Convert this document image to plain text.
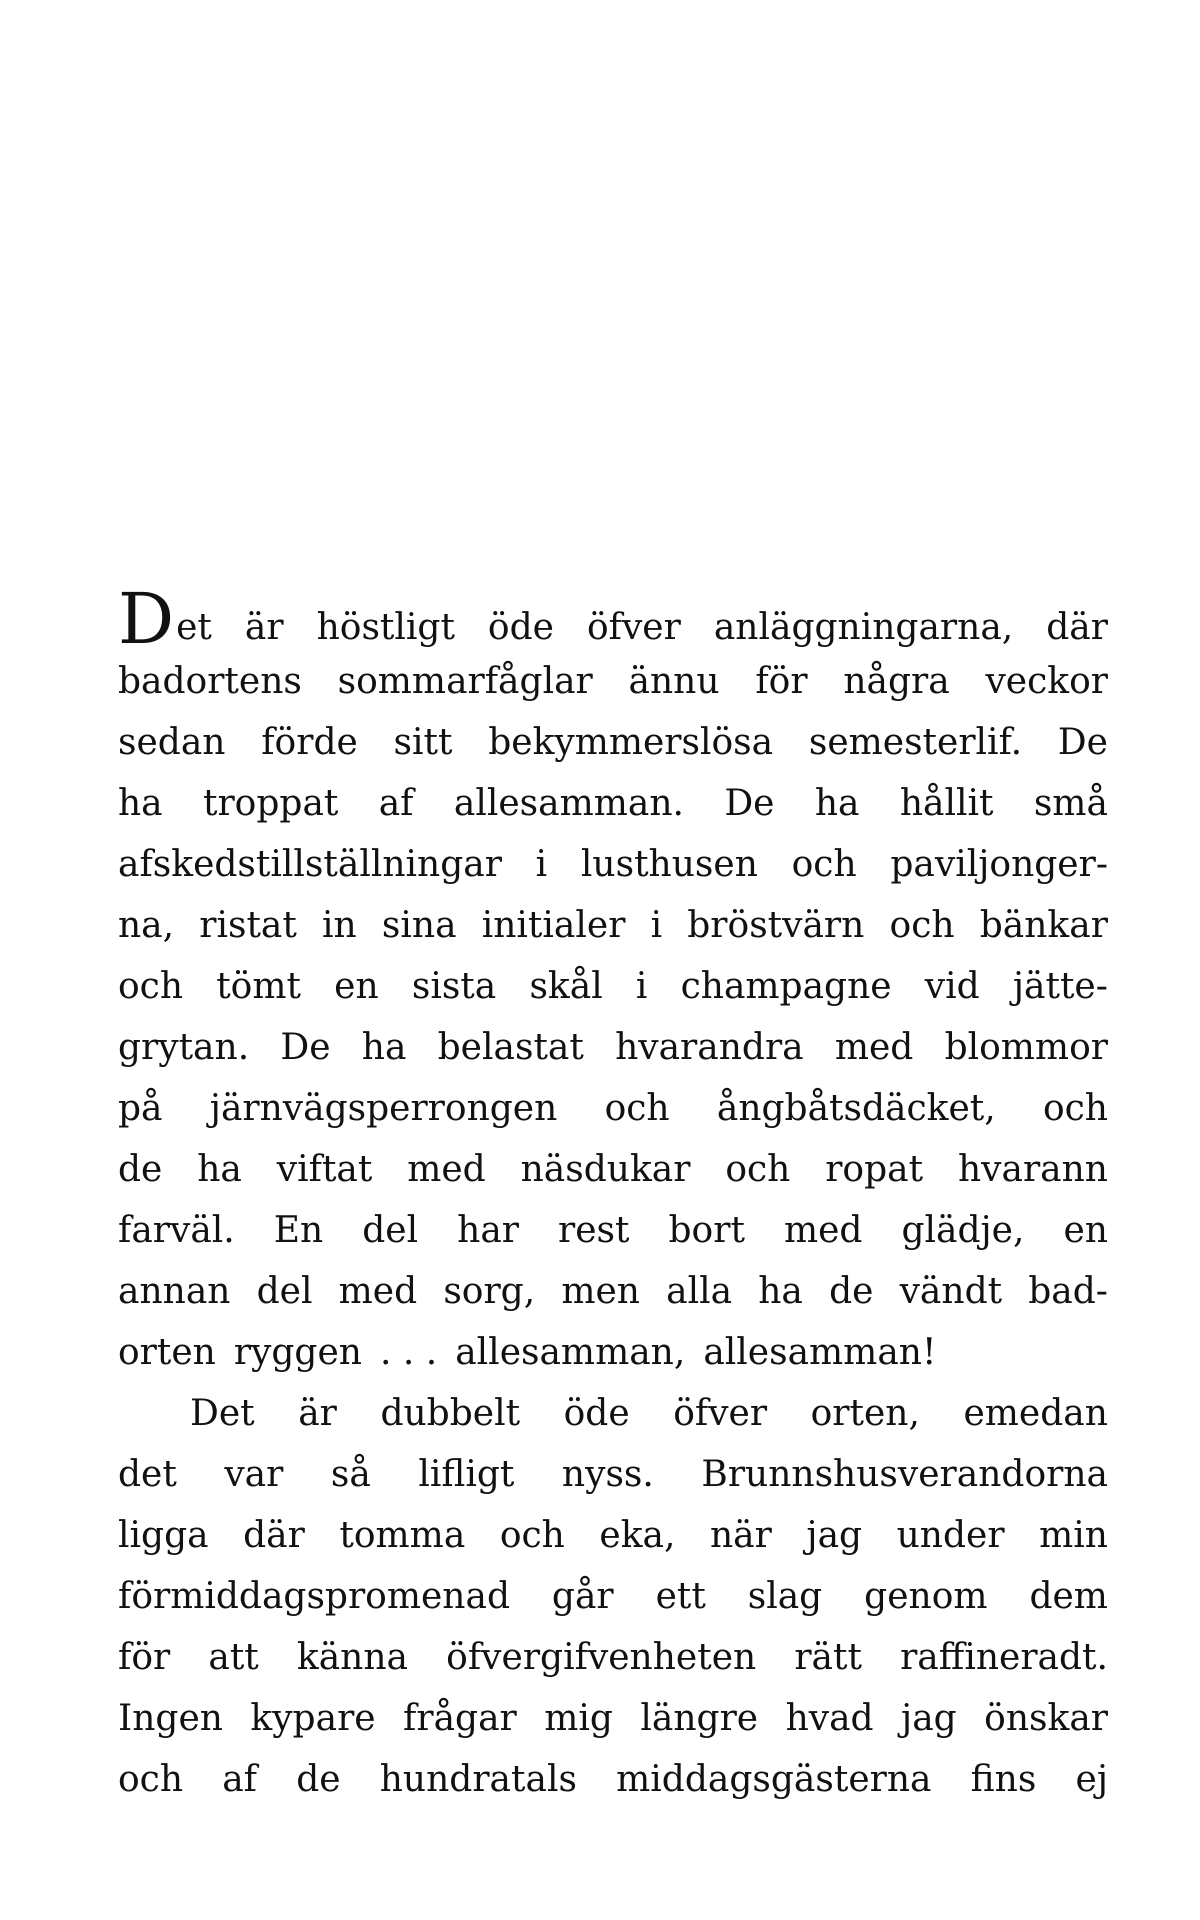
Det är höstligt öde öfver anläggningarna, där
badortens sommarfåglar ännu för några veckor
sedan förde sitt bekymmerslösa semesterlif. De
ha troppat af allesamman. De ha hållit små
afskedstillställningar i lusthusen och paviljonger-
na, ristat in sina initialer i bröstvärn och bänkar
och tömt en sista skål i champagne vid jätte-
grytan. De ha belastat hvarandra med blommor
på järnvägsperrongen och ångbåtsdäcket, och
de ha viftat med näsdukar och ropat hvarann
farväl. En del har rest bort med glädje, en
annan del med sorg, men alla ha de vändt bad-
orten ryggen . . . allesamman, allesamman!
Det är dubbelt öde öfver orten, emedan
det var så lifligt nyss. Brunnshusverandorna
ligga där tomma och eka, när jag under min
förmiddagspromenad går ett slag genom dem
för att känna öfvergifvenheten rätt raffineradt.
Ingen kypare frågar mig längre hvad jag önskar
och af de hundratals middagsgästerna fins ej
